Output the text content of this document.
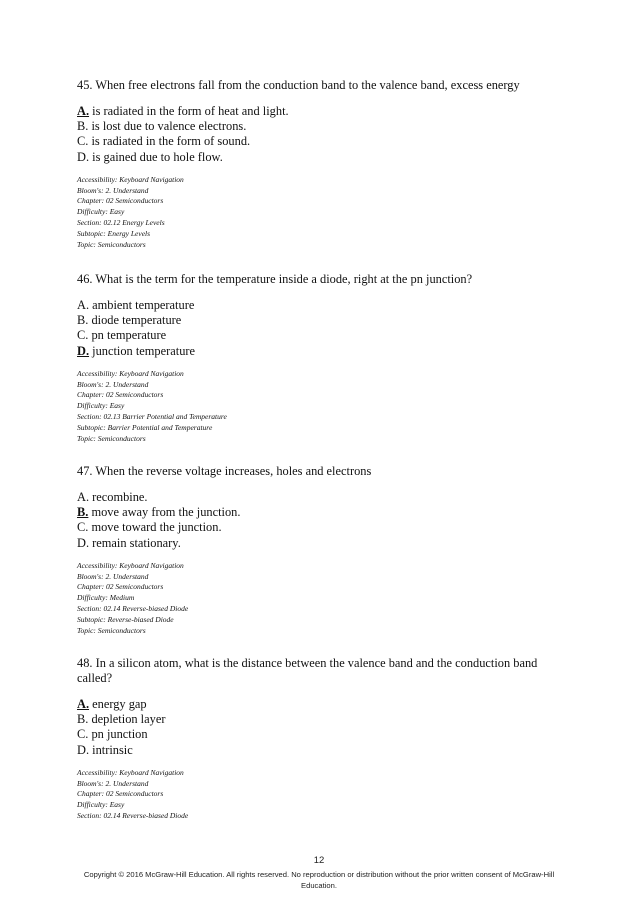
45. When free electrons fall from the conduction band to the valence band, excess energy

A. is radiated in the form of heat and light.
B. is lost due to valence electrons.
C. is radiated in the form of sound.
D. is gained due to hole flow.
Accessibility: Keyboard Navigation
Bloom's: 2. Understand
Chapter: 02 Semiconductors
Difficulty: Easy
Section: 02.12 Energy Levels
Subtopic: Energy Levels
Topic: Semiconductors

46. What is the term for the temperature inside a diode, right at the pn junction?

A. ambient temperature
B. diode temperature
C. pn temperature
D. junction temperature
Accessibility: Keyboard Navigation
Bloom's: 2. Understand
Chapter: 02 Semiconductors
Difficulty: Easy
Section: 02.13 Barrier Potential and Temperature
Subtopic: Barrier Potential and Temperature
Topic: Semiconductors

47. When the reverse voltage increases, holes and electrons

A. recombine.
B. move away from the junction.
C. move toward the junction.
D. remain stationary.
Accessibility: Keyboard Navigation
Bloom's: 2. Understand
Chapter: 02 Semiconductors
Difficulty: Medium
Section: 02.14 Reverse-biased Diode
Subtopic: Reverse-biased Diode
Topic: Semiconductors

48. In a silicon atom, what is the distance between the valence band and the conduction band called?

A. energy gap
B. depletion layer
C. pn junction
D. intrinsic
Accessibility: Keyboard Navigation
Bloom's: 2. Understand
Chapter: 02 Semiconductors
Difficulty: Easy
Section: 02.14 Reverse-biased Diode
12
Copyright © 2016 McGraw-Hill Education. All rights reserved. No reproduction or distribution without the prior written consent of McGraw-Hill Education.
